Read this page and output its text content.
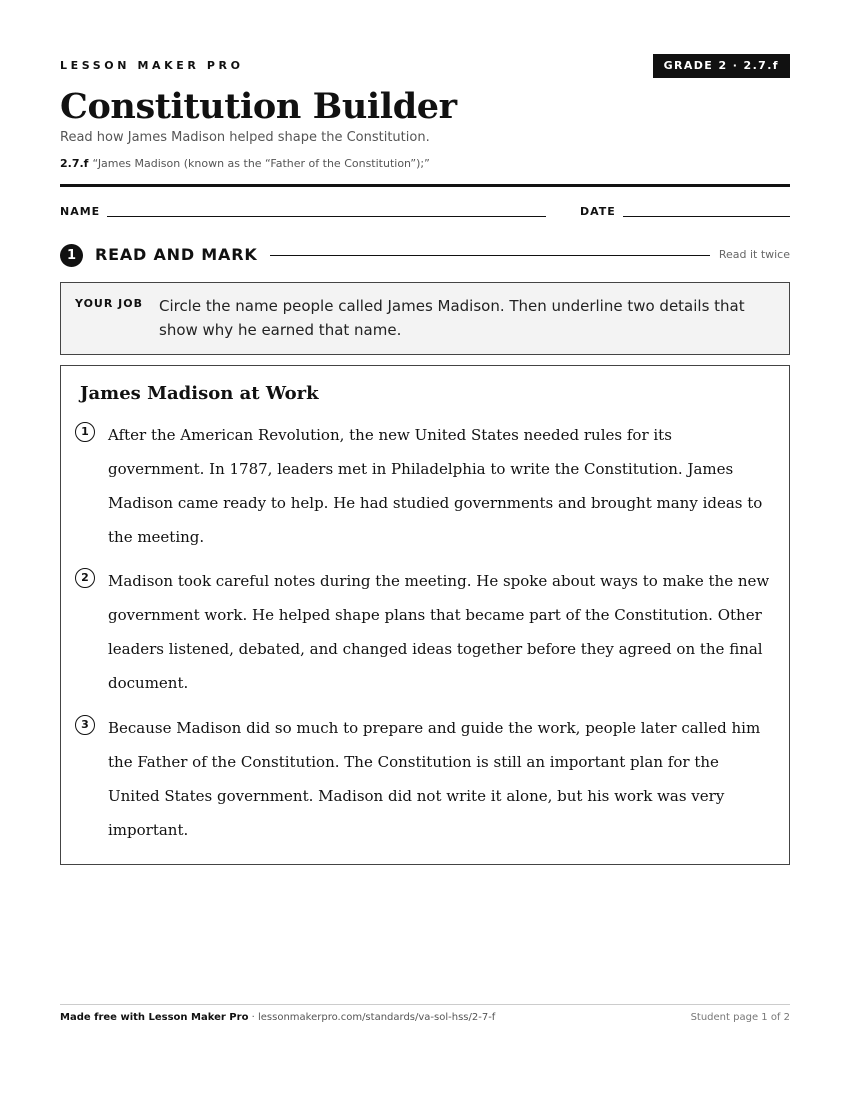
LESSON MAKER PRO	GRADE 2 · 2.7.f
Constitution Builder
Read how James Madison helped shape the Constitution.
2.7.f “James Madison (known as the “Father of the Constitution”);”
NAME	DATE
1	READ AND MARK	Read it twice
YOUR JOB Circle the name people called James Madison. Then underline two details that show why he earned that name.
James Madison at Work
1	After the American Revolution, the new United States needed rules for its government. In 1787, leaders met in Philadelphia to write the Constitution. James Madison came ready to help. He had studied governments and brought many ideas to the meeting.
2	Madison took careful notes during the meeting. He spoke about ways to make the new government work. He helped shape plans that became part of the Constitution. Other leaders listened, debated, and changed ideas together before they agreed on the final document.
3	Because Madison did so much to prepare and guide the work, people later called him the Father of the Constitution. The Constitution is still an important plan for the United States government. Madison did not write it alone, but his work was very important.
Made free with Lesson Maker Pro · lessonmakerpro.com/standards/va-sol-hss/2-7-f	Student page 1 of 2
